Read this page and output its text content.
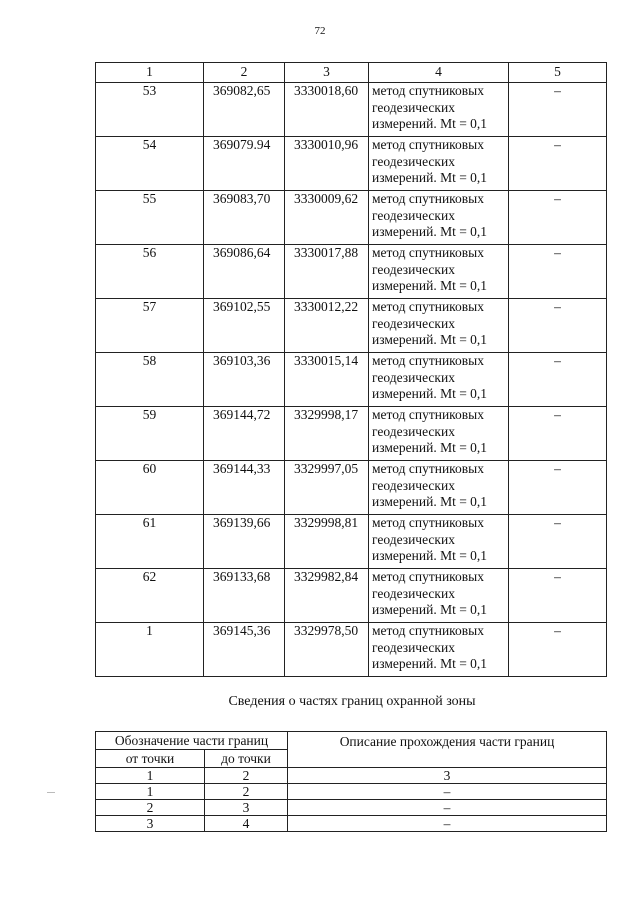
72
1	2	3	4	5
53	369082,65	3330018,60	метод спутниковых
геодезических
измерений. Mt = 0,1	–
54	369079.94	3330010,96	метод спутниковых
геодезических
измерений. Mt = 0,1	–
55	369083,70	3330009,62	метод спутниковых
геодезических
измерений. Mt = 0,1	–
56	369086,64	3330017,88	метод спутниковых
геодезических
измерений. Mt = 0,1	–
57	369102,55	3330012,22	метод спутниковых
геодезических
измерений. Mt = 0,1	–
58	369103,36	3330015,14	метод спутниковых
геодезических
измерений. Mt = 0,1	–
59	369144,72	3329998,17	метод спутниковых
геодезических
измерений. Mt = 0,1	–
60	369144,33	3329997,05	метод спутниковых
геодезических
измерений. Mt = 0,1	–
61	369139,66	3329998,81	метод спутниковых
геодезических
измерений. Mt = 0,1	–
62	369133,68	3329982,84	метод спутниковых
геодезических
измерений. Mt = 0,1	–
1	369145,36	3329978,50	метод спутниковых
геодезических
измерений. Mt = 0,1	–
Сведения о частях границ охранной зоны
Обозначение части границ		Описание прохождения части границ
от точки	до точки	
1	2	3
1	2	–
2	3	–
3	4	–
